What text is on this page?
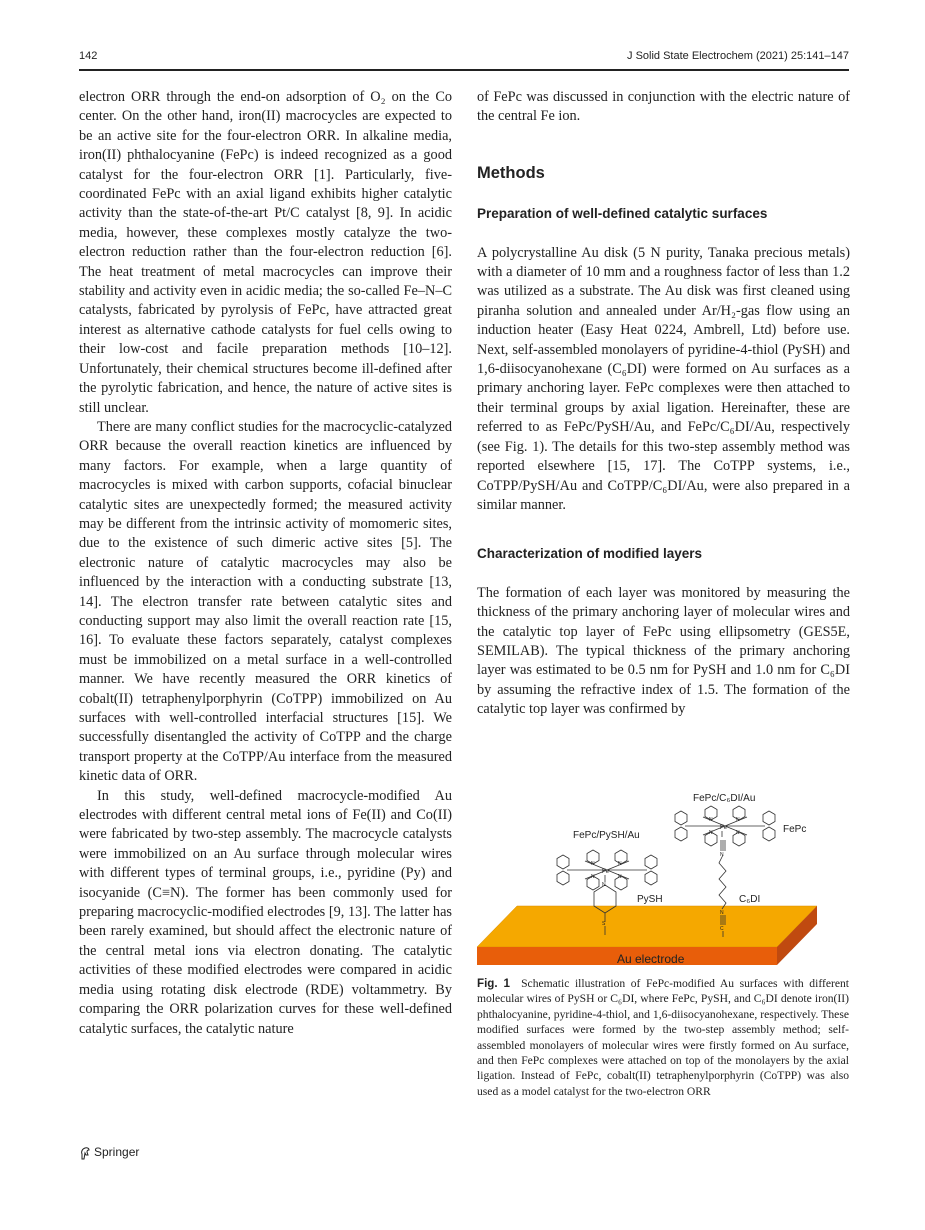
142	J Solid State Electrochem (2021) 25:141–147

electron ORR through the end-on adsorption of O₂ on the Co center. On the other hand, iron(II) macrocycles are expected to be an active site for the four-electron ORR. In alkaline media, iron(II) phthalocyanine (FePc) is indeed recognized as a good catalyst for the four-electron ORR [1]. Particularly, five-coordinated FePc with an axial ligand exhibits higher catalytic activity than the state-of-the-art Pt/C catalyst [8, 9]. In acidic media, however, these complexes mostly catalyze the two-electron reduction rather than the four-electron reduction [6]. The heat treatment of metal macrocycles can improve their stability and activity even in acidic media; the so-called Fe–N–C catalysts, fabricated by pyrolysis of FePc, have attracted great interest as alternative cathode catalysts for fuel cells owing to their low-cost and facile preparation methods [10–12]. Unfortunately, their chemical structures become ill-defined after the pyrolytic fabrication, and hence, the nature of active sites is still unclear.

There are many conflict studies for the macrocyclic-catalyzed ORR because the overall reaction kinetics are influenced by many factors. For example, when a large quantity of macrocycles is mixed with carbon supports, cofacial binuclear catalytic sites are unexpectedly formed; the measured activity may be different from the intrinsic activity of momomeric sites, due to the existence of such dimeric active sites [5]. The electronic nature of catalytic macrocycles may also be influenced by the interaction with a conducting substrate [13, 14]. The electron transfer rate between catalytic sites and conducting support may also limit the overall reaction rate [15, 16]. To evaluate these factors separately, catalyst complexes must be immobilized on a metal surface in a well-controlled manner. We have recently measured the ORR kinetics of cobalt(II) tetraphenylporphyrin (CoTPP) immobilized on Au surfaces with well-controlled interfacial structures [15]. We successfully disentangled the activity of CoTPP and the charge transport property at the CoTPP/Au interface from the measured kinetic data of ORR.

In this study, well-defined macrocycle-modified Au electrodes with different central metal ions of Fe(II) and Co(II) were fabricated by two-step assembly. The macrocycle catalysts were immobilized on an Au surface through molecular wires with different types of terminal groups, i.e., pyridine (Py) and isocyanide (C≡N). The former has been commonly used for preparing macrocyclic-modified electrodes [9, 13]. The latter has been rarely examined, but should affect the electronic nature of the central metal ions via electron donating. The catalytic activities of these modified electrodes were compared in acidic media using rotating disk electrode (RDE) voltammetry. By comparing the ORR polarization curves for these well-defined catalytic surfaces, the catalytic nature

of FePc was discussed in conjunction with the electric nature of the central Fe ion.

Methods
Preparation of well-defined catalytic surfaces

A polycrystalline Au disk (5 N purity, Tanaka precious metals) with a diameter of 10 mm and a roughness factor of less than 1.2 was utilized as a substrate. The Au disk was first cleaned using piranha solution and annealed under Ar/H₂-gas flow using an induction heater (Easy Heat 0224, Ambrell, Ltd) before use. Next, self-assembled monolayers of pyridine-4-thiol (PySH) and 1,6-diisocyanohexane (C₆DI) were formed on Au surfaces as a primary anchoring layer. FePc complexes were then attached to their terminal groups by axial ligation. Hereinafter, these are referred to as FePc/PySH/Au, and FePc/C₆DI/Au, respectively (see Fig. 1). The details for this two-step assembly method was reported elsewhere [15, 17]. The CoTPP systems, i.e., CoTPP/PySH/Au and CoTPP/C₆DI/Au, were also prepared in a similar manner.

Characterization of modified layers

The formation of each layer was monitored by measuring the thickness of the primary anchoring layer of molecular wires and the catalytic top layer of FePc using ellipsometry (GES5E, SEMILAB). The typical thickness of the primary anchoring layer was estimated to be 0.5 nm for PySH and 1.0 nm for C₆DI by assuming the refractive index of 1.5. The formation of the catalytic top layer was confirmed by

Au electrode
Fe
N	N
N	N
N
S
FePc/PySH/Au
PySH
Fe
N	N
N	N
N
N
C
FePc/C₆DI/Au
FePc
C₆DI
Fig. 1 Schematic illustration of FePc-modified Au surfaces with different molecular wires of PySH or C₆DI, where FePc, PySH, and C₆DI denote iron(II) phthalocyanine, pyridine-4-thiol, and 1,6-diisocyanohexane, respectively. These modified surfaces were formed by the two-step assembly method; self-assembled monolayers of molecular wires were firstly formed on Au surface, and then FePc complexes were attached on top of the monolayers by the axial ligation. Instead of FePc, cobalt(II) tetraphenylporphyrin (CoTPP) was also used as a model catalyst for the two-electron ORR
Springer
